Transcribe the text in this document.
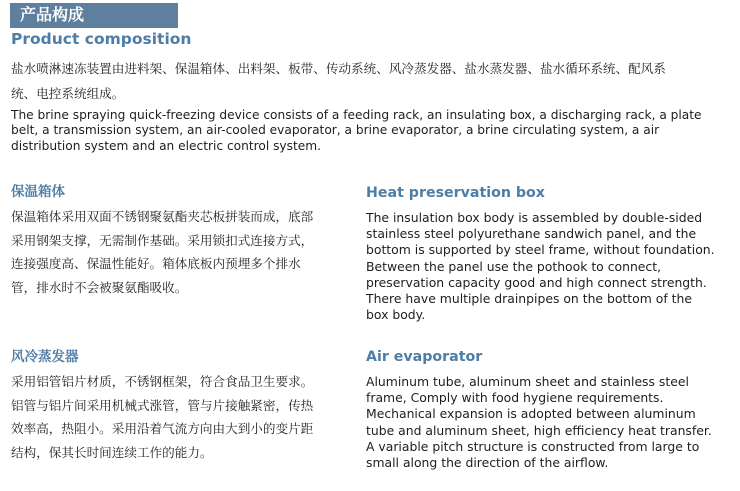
产品构成
Product composition
盐水喷淋速冻装置由进料架、保温箱体、出料架、板带、传动系统、风冷蒸发器、盐水蒸发器、盐水循环系统、配风系统、电控系统组成。
The brine spraying quick-freezing device consists of a feeding rack, an insulating box, a discharging rack, a plate belt, a transmission system, an air-cooled evaporator, a brine evaporator, a brine circulating system, a air distribution system and an electric control system.
保温箱体
保温箱体采用双面不锈钢聚氨酯夹芯板拼装而成，底部采用钢架支撑，无需制作基础。采用锁扣式连接方式，连接强度高、保温性能好。箱体底板内预埋多个排水管，排水时不会被聚氨酯吸收。
Heat preservation box
The insulation box body is assembled by double-sided stainless steel polyurethane sandwich panel, and the bottom is supported by steel frame, without foundation. Between the panel use the pothook to connect, preservation capacity good and high connect strength. There have multiple drainpipes on the bottom of the box body.
风冷蒸发器
采用铝管铝片材质，不锈钢框架，符合食品卫生要求。铝管与铝片间采用机械式涨管，管与片接触紧密，传热效率高，热阻小。采用沿着气流方向由大到小的变片距结构，保其长时间连续工作的能力。
Air evaporator
Aluminum tube, aluminum sheet and stainless steel frame, Comply with food hygiene requirements. Mechanical expansion is adopted between aluminum tube and aluminum sheet, high efficiency heat transfer. A variable pitch structure is constructed from large to small along the direction of the airflow.
